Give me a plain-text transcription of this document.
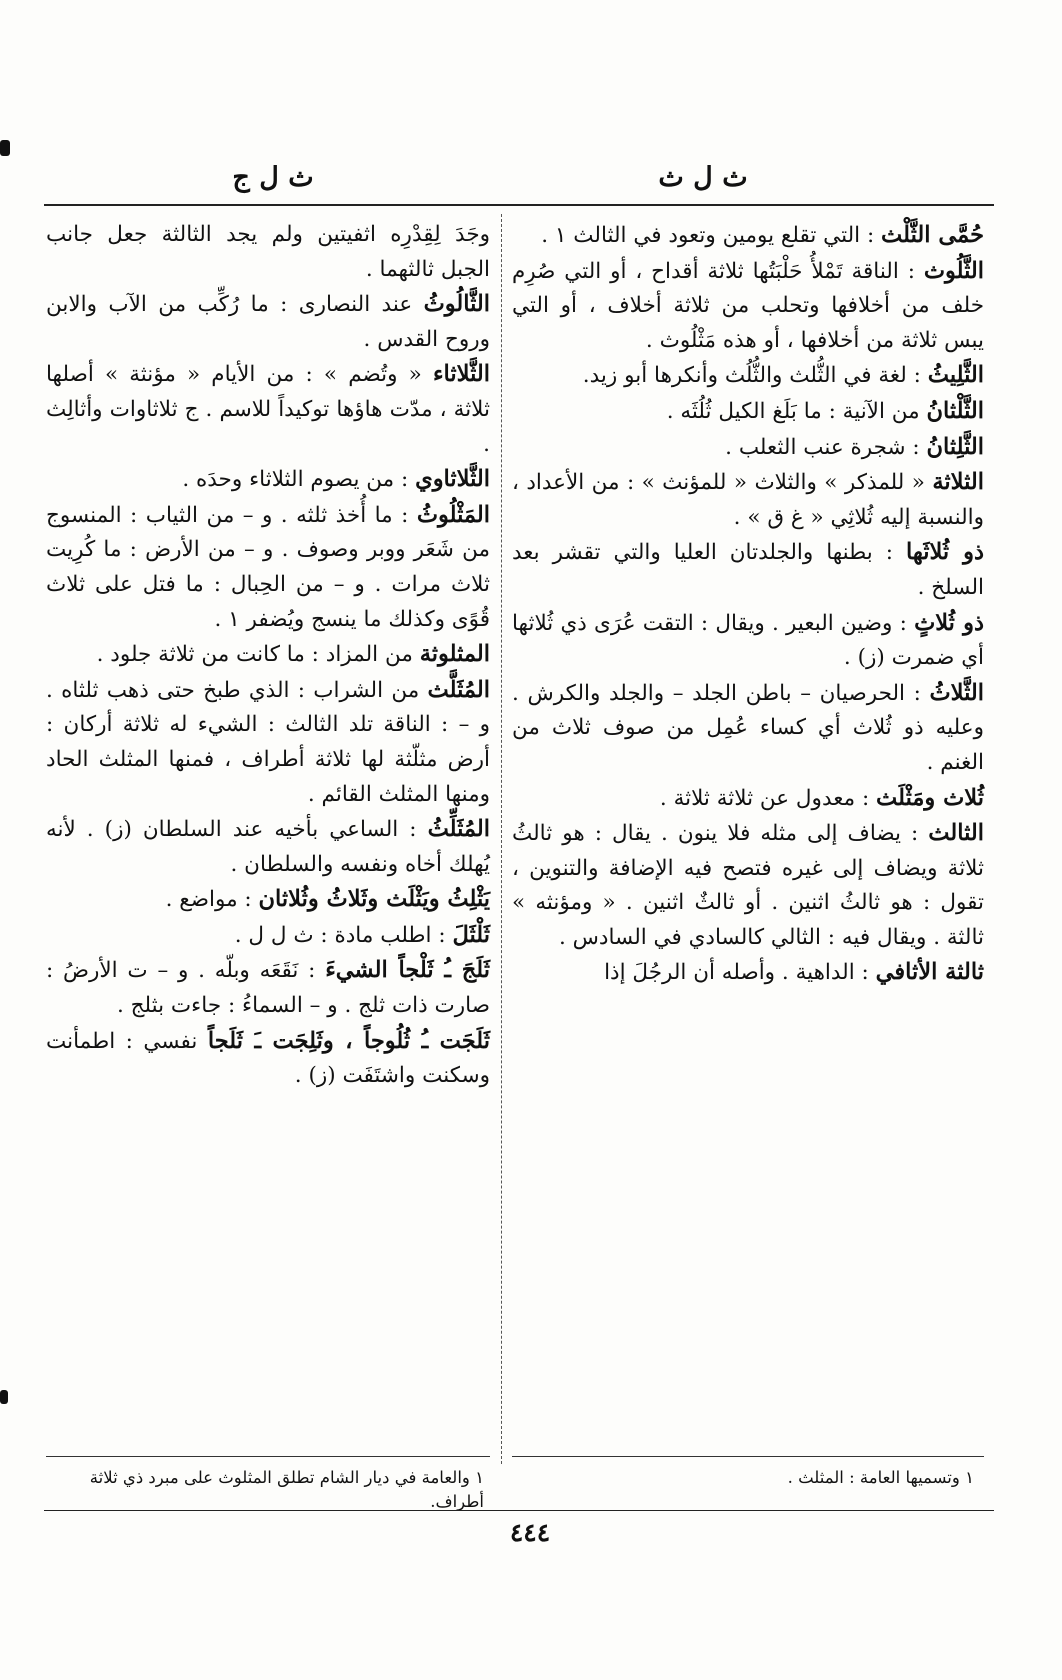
ث ل ث
ث ل ج

حُمَّى الثَّلْث : التي تقلع يومين وتعود في الثالث ١ .

الثَّلُوث : الناقة تَمْلأُ حَلْبَتُها ثلاثة أقداح ، أو التي صُرِم خلف من أخلافها وتحلب من ثلاثة أخلاف ، أو التي يبس ثلاثة من أخلافها ، أو هذه مَثْلُوث .

الثَّلِيثُ : لغة في الثُّلث والثُّلُث وأنكرها أبو زيد.

الثَّلْثانُ من الآنية : ما بَلَغ الكيل ثُلُثَه .

الثَّلِثانُ : شجرة عنب الثعلب .

الثلاثة « للمذكر » والثلاث « للمؤنث » : من الأعداد ، والنسبة إليه ثُلاثِي « غ ق » .

ذو ثُلاثَها : بطنها والجلدتان العليا والتي تقشر بعد السلخ .

ذو ثُلاثٍ : وضين البعير . ويقال : التقت عُرَى ذي ثُلاثها أي ضمرت (ز) .

الثَّلاثُ : الحرصيان – باطن الجلد – والجلد والكرش . وعليه ذو ثُلاث أي كساء عُمِل من صوف ثلاث من الغنم .

ثُلاث ومَثْلَث : معدول عن ثلاثة ثلاثة .

الثالث : يضاف إلى مثله فلا ينون . يقال : هو ثالثُ ثلاثة ويضاف إلى غيره فتصح فيه الإضافة والتنوين ، تقول : هو ثالثُ اثنين . أو ثالثٌ اثنين . « ومؤنثه » ثالثة . ويقال فيه : الثالي كالسادي في السادس .

ثالثة الأثافي : الداهية . وأصله أن الرجُلَ إذا

وجَدَ لِقِدْرِه اثفيتين ولم يجد الثالثة جعل جانب الجبل ثالثهما .

الثَّالُوثُ عند النصارى : ما رُكِّب من الآب والابن وروح القدس .

الثَّلاثاء « وتُضم » : من الأيام « مؤنثة » أصلها ثلاثة ، مدّت هاؤها توكيداً للاسم . ج ثلاثاوات وأثالِث .

الثَّلاثاوي : من يصوم الثلاثاء وحدَه .

المَثْلُوثُ : ما أُخذ ثلثه . و – من الثياب : المنسوج من شَعَر ووبر وصوف . و – من الأرض : ما كُرِيت ثلاث مرات . و – من الحِبال : ما فتل على ثلاث قُوًى وكذلك ما ينسج ويُضفر ١ .

المثلوثة من المزاد : ما كانت من ثلاثة جلود .

المُثَلَّث من الشراب : الذي طبخ حتى ذهب ثلثاه . و – : الناقة تلد الثالث : الشيء له ثلاثة أركان : أرض مثلّثة لها ثلاثة أطراف ، فمنها المثلث الحاد ومنها المثلث القائم .

المُثَلِّثُ : الساعي بأخيه عند السلطان (ز) . لأنه يُهلك أخاه ونفسه والسلطان .

يَثْلِثُ ويَثْلَث وثَلاثُ وثُلاثان : مواضع .

ثَلْثَلَ : اطلب مادة : ث ل ل .

ثَلَجَ ـُ ثَلْجاً الشيءَ : نَقَعَه وبلّه . و – ت الأرضُ : صارت ذات ثلج . و – السماءُ : جاءت بثلج .

ثَلَجَت ـُ ثُلُوجاً ، وثَلِجَت ـَ ثَلَجاً نفسي : اطمأنت وسكنت واشتَفَت (ز) .

١ وتسميها العامة : المثلث .
١ والعامة في ديار الشام تطلق المثلوث على مبرد ذي ثلاثة أطراف.
٤٤٤
